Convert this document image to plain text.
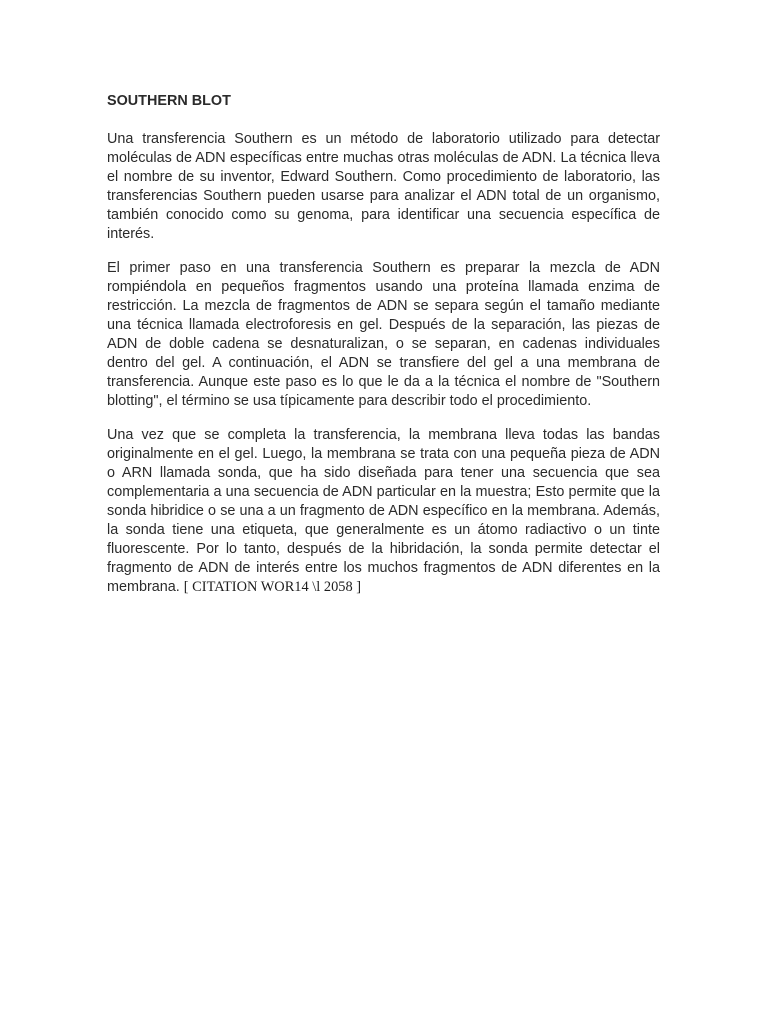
SOUTHERN BLOT

Una transferencia Southern es un método de laboratorio utilizado para detectar moléculas de ADN específicas entre muchas otras moléculas de ADN. La técnica lleva el nombre de su inventor, Edward Southern. Como procedimiento de laboratorio, las transferencias Southern pueden usarse para analizar el ADN total de un organismo, también conocido como su genoma, para identificar una secuencia específica de interés.

El primer paso en una transferencia Southern es preparar la mezcla de ADN rompiéndola en pequeños fragmentos usando una proteína llamada enzima de restricción. La mezcla de fragmentos de ADN se separa según el tamaño mediante una técnica llamada electroforesis en gel. Después de la separación, las piezas de ADN de doble cadena se desnaturalizan, o se separan, en cadenas individuales dentro del gel. A continuación, el ADN se transfiere del gel a una membrana de transferencia. Aunque este paso es lo que le da a la técnica el nombre de "Southern blotting", el término se usa típicamente para describir todo el procedimiento.

Una vez que se completa la transferencia, la membrana lleva todas las bandas originalmente en el gel. Luego, la membrana se trata con una pequeña pieza de ADN o ARN llamada sonda, que ha sido diseñada para tener una secuencia que sea complementaria a una secuencia de ADN particular en la muestra; Esto permite que la sonda hibridice o se una a un fragmento de ADN específico en la membrana. Además, la sonda tiene una etiqueta, que generalmente es un átomo radiactivo o un tinte fluorescente. Por lo tanto, después de la hibridación, la sonda permite detectar el fragmento de ADN de interés entre los muchos fragmentos de ADN diferentes en la membrana. [ CITATION WOR14 \l 2058 ]
